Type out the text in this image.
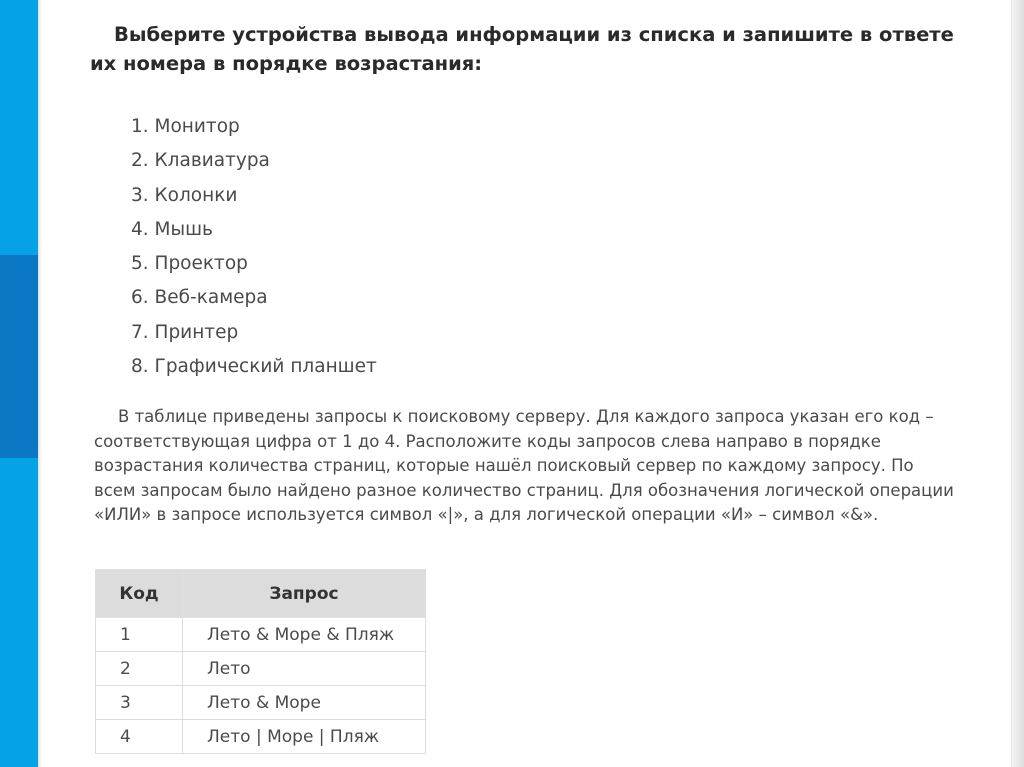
Выберите устройства вывода информации из списка и запишите в ответе их номера в порядке возрастания:
1. Монитор
2. Клавиатура
3. Колонки
4. Мышь
5. Проектор
6. Веб-камера
7. Принтер
8. Графический планшет

В таблице приведены запросы к поисковому серверу. Для каждого запроса указан его код – соответствующая цифра от 1 до 4. Расположите коды запросов слева направо в порядке возрастания количества страниц, которые нашёл поисковый сервер по каждому запросу. По всем запросам было найдено разное количество страниц. Для обозначения логической операции «ИЛИ» в запросе используется символ «|», а для логической операции «И» – символ «&».

Код	Запрос
1	Лето & Море & Пляж
2	Лето
3	Лето & Море
4	Лето | Море | Пляж
